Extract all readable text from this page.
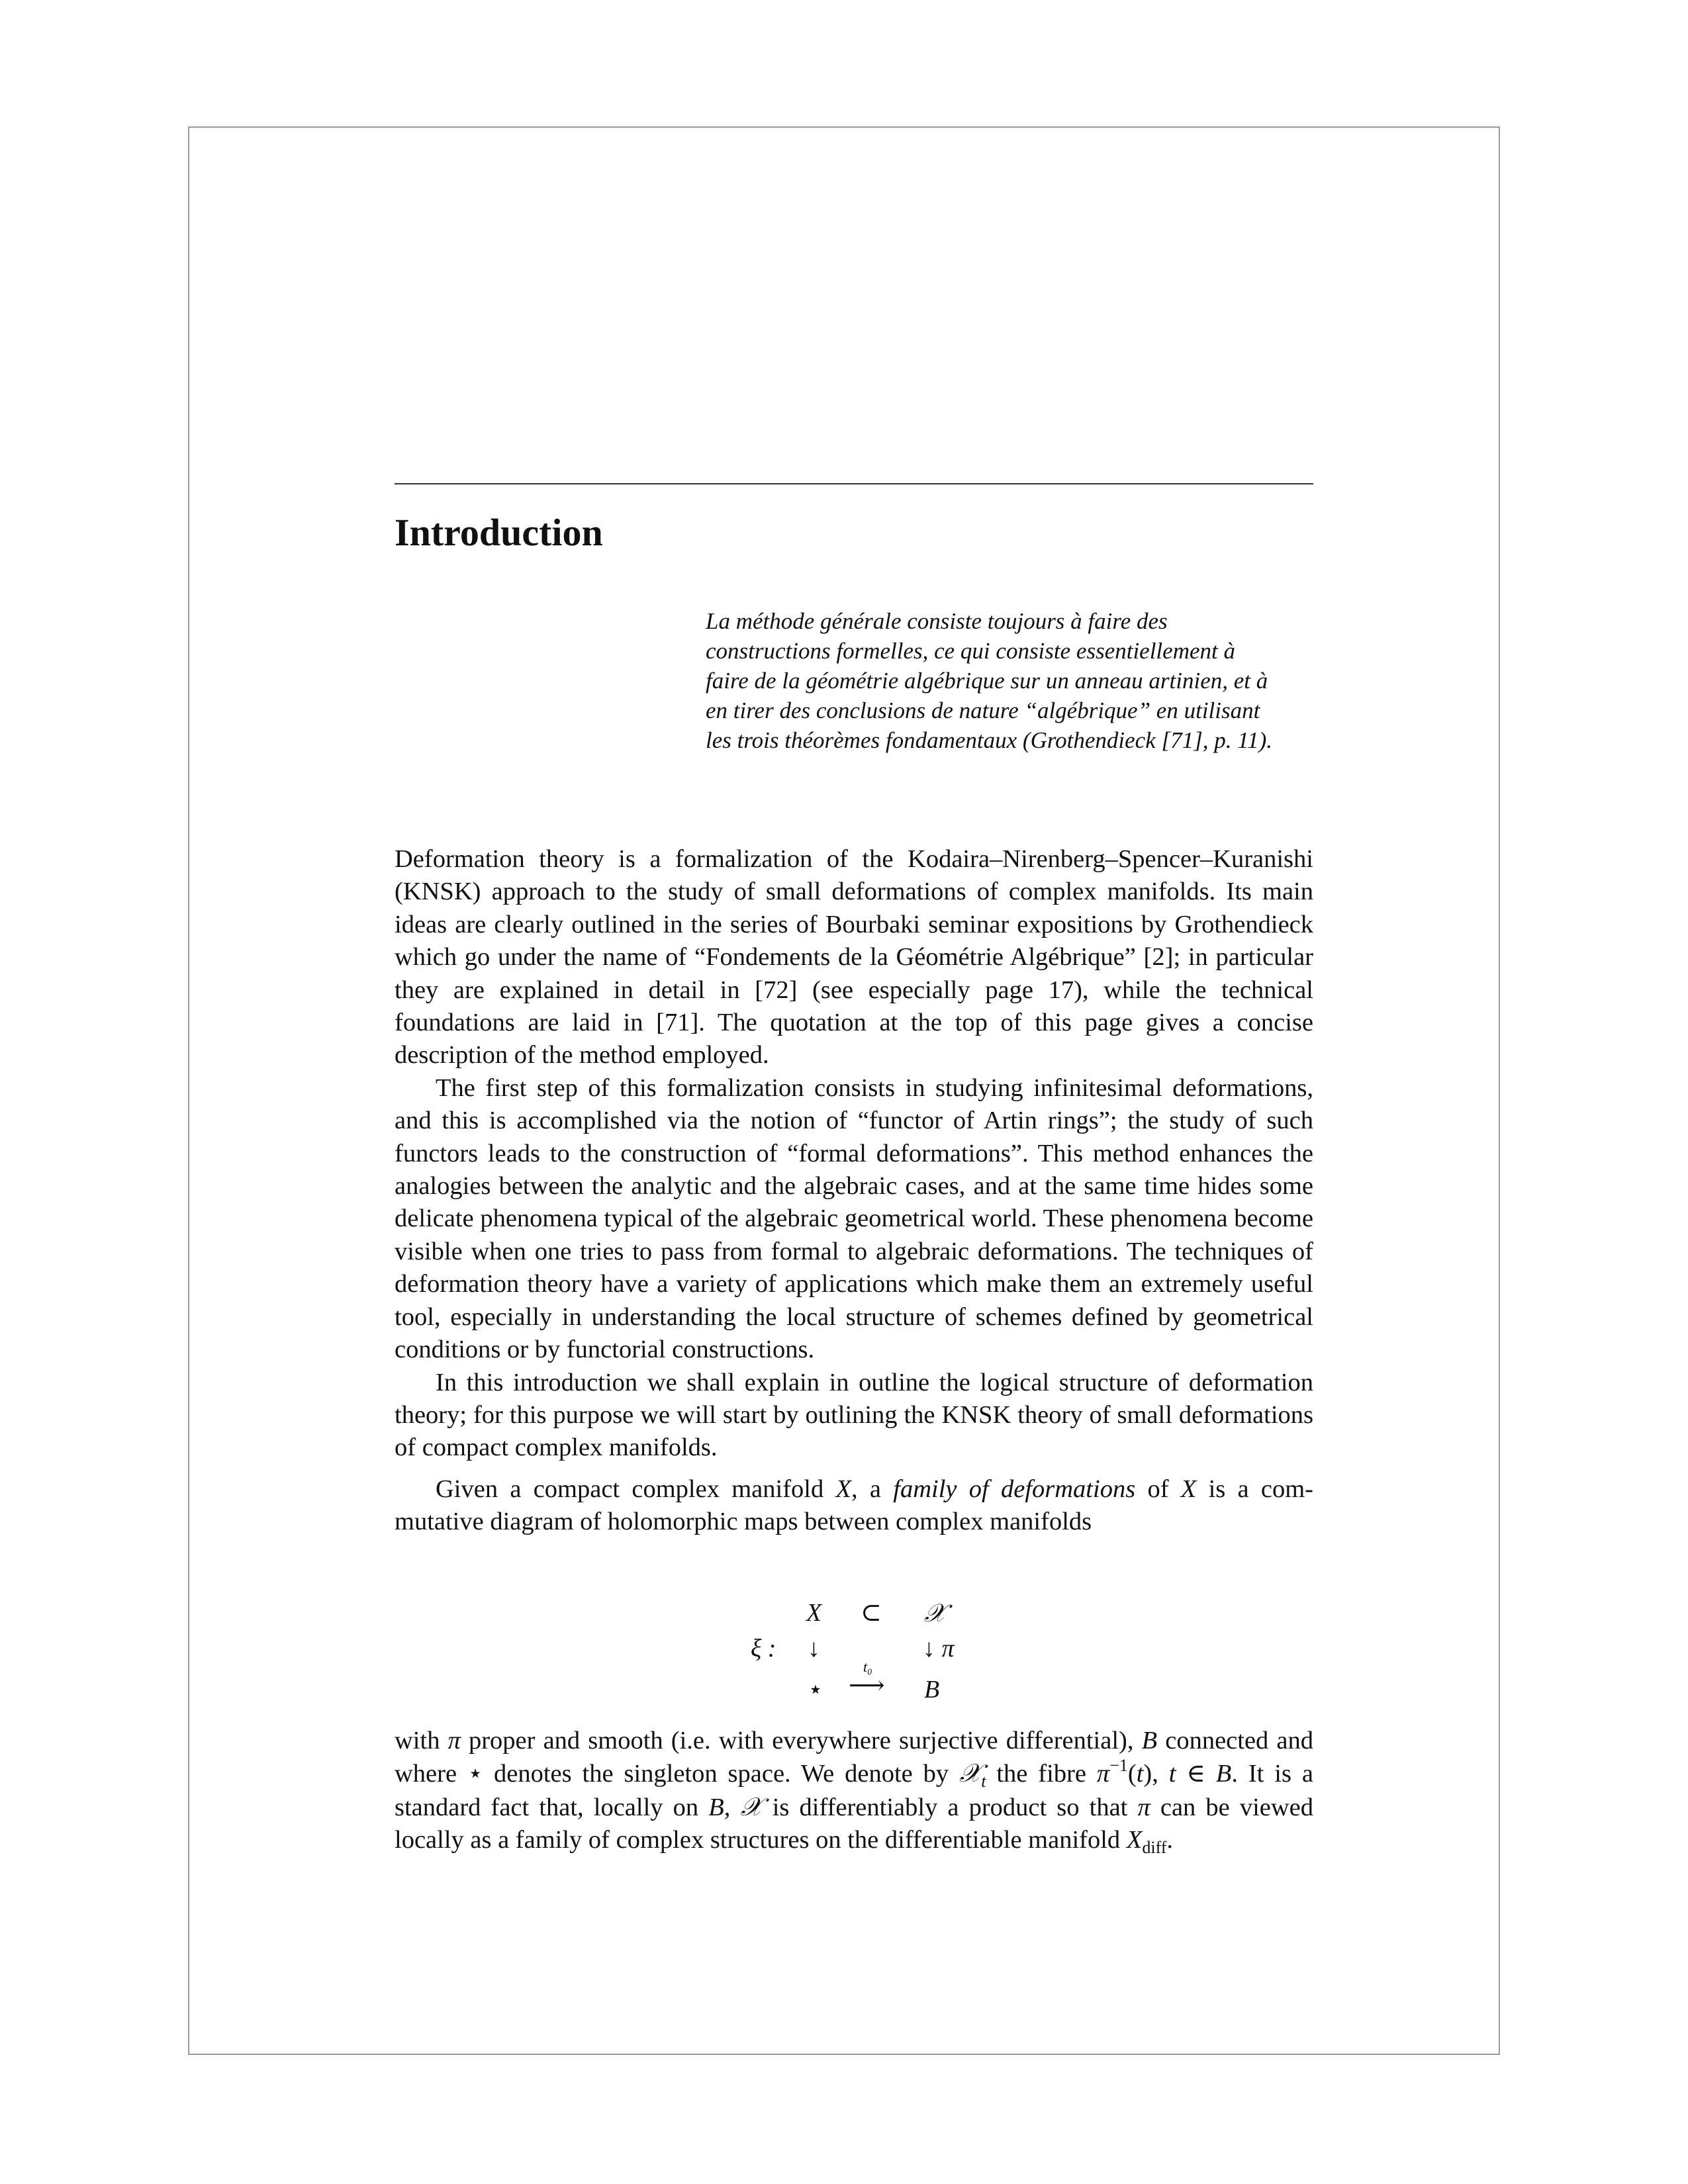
Introduction
La méthode générale consiste toujours à faire des
constructions formelles, ce qui consiste essentiellement à
faire de la géométrie algébrique sur un anneau artinien, et à
en tirer des conclusions de nature “algébrique” en utilisant
les trois théorèmes fondamentaux (Grothendieck [71], p. 11).

Deformation theory is a formalization of the Kodaira–Nirenberg–Spencer–Kuranishi (KNSK) approach to the study of small deformations of complex manifolds. Its main ideas are clearly outlined in the series of Bourbaki seminar expositions by Grothendieck which go under the name of “Fondements de la Géométrie Algébrique” [2]; in particular they are explained in detail in [72] (see especially page 17), while the technical foundations are laid in [71]. The quotation at the top of this page gives a concise description of the method employed.

The first step of this formalization consists in studying infinitesimal deformations, and this is accomplished via the notion of “functor of Artin rings”; the study of such functors leads to the construction of “formal deformations”. This method enhances the analogies between the analytic and the algebraic cases, and at the same time hides some delicate phenomena typical of the algebraic geometrical world. These phenomena become visible when one tries to pass from formal to algebraic deformations. The techniques of deformation theory have a variety of applications which make them an extremely useful tool, especially in understanding the local structure of schemes defined by geometrical conditions or by functorial constructions.

In this introduction we shall explain in outline the logical structure of deformation theory; for this purpose we will start by outlining the KNSK theory of small deformations of compact complex manifolds.

Given a compact complex manifold X, a family of deformations of X is a commutative diagram of holomorphic maps between complex manifolds

X ⊂ 𝒳
ξ : ↓	↓ π
t₀
⋆ ⟶ B

with π proper and smooth (i.e. with everywhere surjective differential), B connected and where ⋆ denotes the singleton space. We denote by 𝒳$_t$ the fibre $\pi^{-1}(t)$, t ∈ B. It is a standard fact that, locally on B, 𝒳 is differentiably a product so that π can be viewed locally as a family of complex structures on the differentiable manifold $X_{diff}$.
